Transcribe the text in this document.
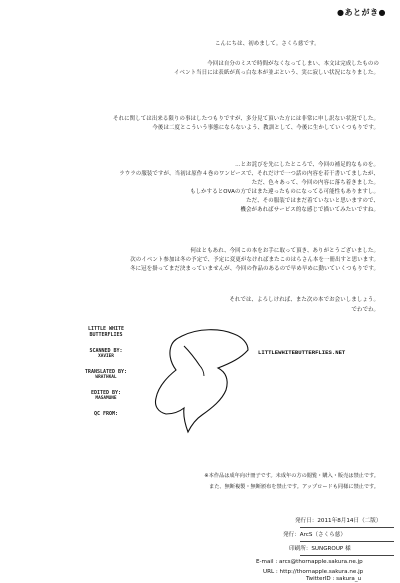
●あとがき●
こんにちは、初めまして。さくら慈です。
今回は自分のミスで時間がなくなってしまい、本文は完成したものの
イベント当日には表紙が真っ白な本が並ぶという、実に寂しい状況になりました。
それに関しては出来る限りの事はしたつもりですが、多分見て頂いた方には非常に申し訳ない状況でした。
今後は二度とこういう事態にならないよう、教訓として、今後に生かしていくつもりです。
…とお詫びを先にしたところで、今回の補足的なものを。
ラウラの服装ですが、当初は原作４巻のワンピースで、それだけで一つ話の内容を若干書いてましたが、
ただ、色々あって、今回の内容に落ち着きました。
もしかするとOVAの方ではまた違ったものになってる可能性もありますし。
ただ、その服装ではまだ着ていないと思いますので、
機会があればサービス的な感じで描いてみたいですね。
何はともあれ、今回この本をお手に取って頂き、ありがとうございました。
次のイベント参加は冬の予定で、予定に変更がなければまたこのはらさん本を一冊出すと思います。
冬に冠を掛ってまだ決まっていませんが、今回の作品のあるので早め早めに動いていくつもりです。
それでは、よろしければ、また次の本でお会いしましょう。
でわでわ。
LITTLE WHITE
BUTTERFLIES
SCANNED BY:
XAVIER
TRANSLATED BY:
WRATHKAL
EDITED BY:
MASAMUNE
QC FROM:
LITTLEWHITEBUTTERFLIES.NET
※本作品は成年向け冊子です。未成年の方の閲覧・購入・販売は禁止です。
また、無断複製・無断頒布を禁止です。アップロードも同様に禁止です。
発行日：2011年8月14日（二版）
発行：ArcS（さくら慈）
印刷所：SUNGROUP 様
E-mail : arcs@thornapple.sakura.ne.jp
URL : http://thornapple.sakura.ne.jp
TwitterID : sakura_u
